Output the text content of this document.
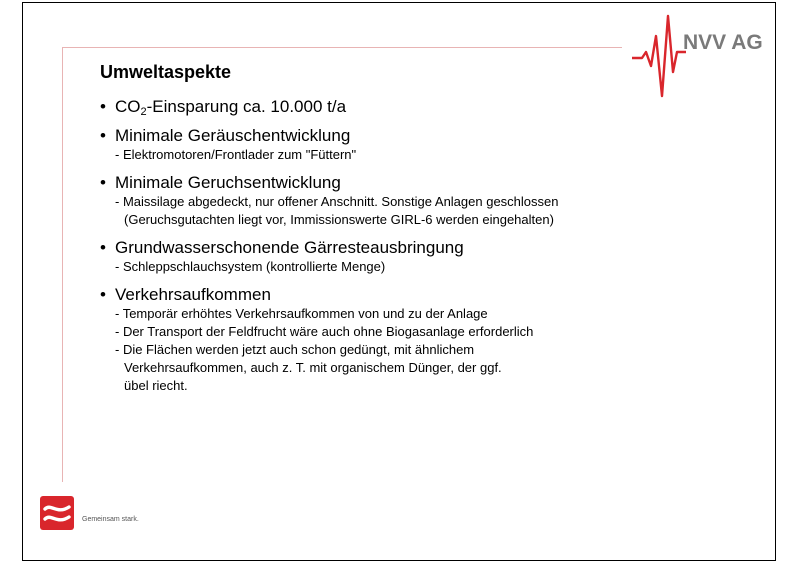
NVV AG
Umweltaspekte
• $CO_2$-Einsparung ca. 10.000 t/a
• Minimale Geräuschentwicklung
- Elektromotoren/Frontlader zum "Füttern"
• Minimale Geruchsentwicklung
- Maissilage abgedeckt, nur offener Anschnitt. Sonstige Anlagen geschlossen
(Geruchsgutachten liegt vor, Immissionswerte GIRL-6 werden eingehalten)
• Grundwasserschonende Gärresteausbringung
- Schleppschlauchsystem (kontrollierte Menge)
• Verkehrsaufkommen
- Temporär erhöhtes Verkehrsaufkommen von und zu der Anlage
- Der Transport der Feldfrucht wäre auch ohne Biogasanlage erforderlich
- Die Flächen werden jetzt auch schon gedüngt, mit ähnlichem
Verkehrsaufkommen, auch z. T. mit organischem Dünger, der ggf.
übel riecht.
Gemeinsam stark.
